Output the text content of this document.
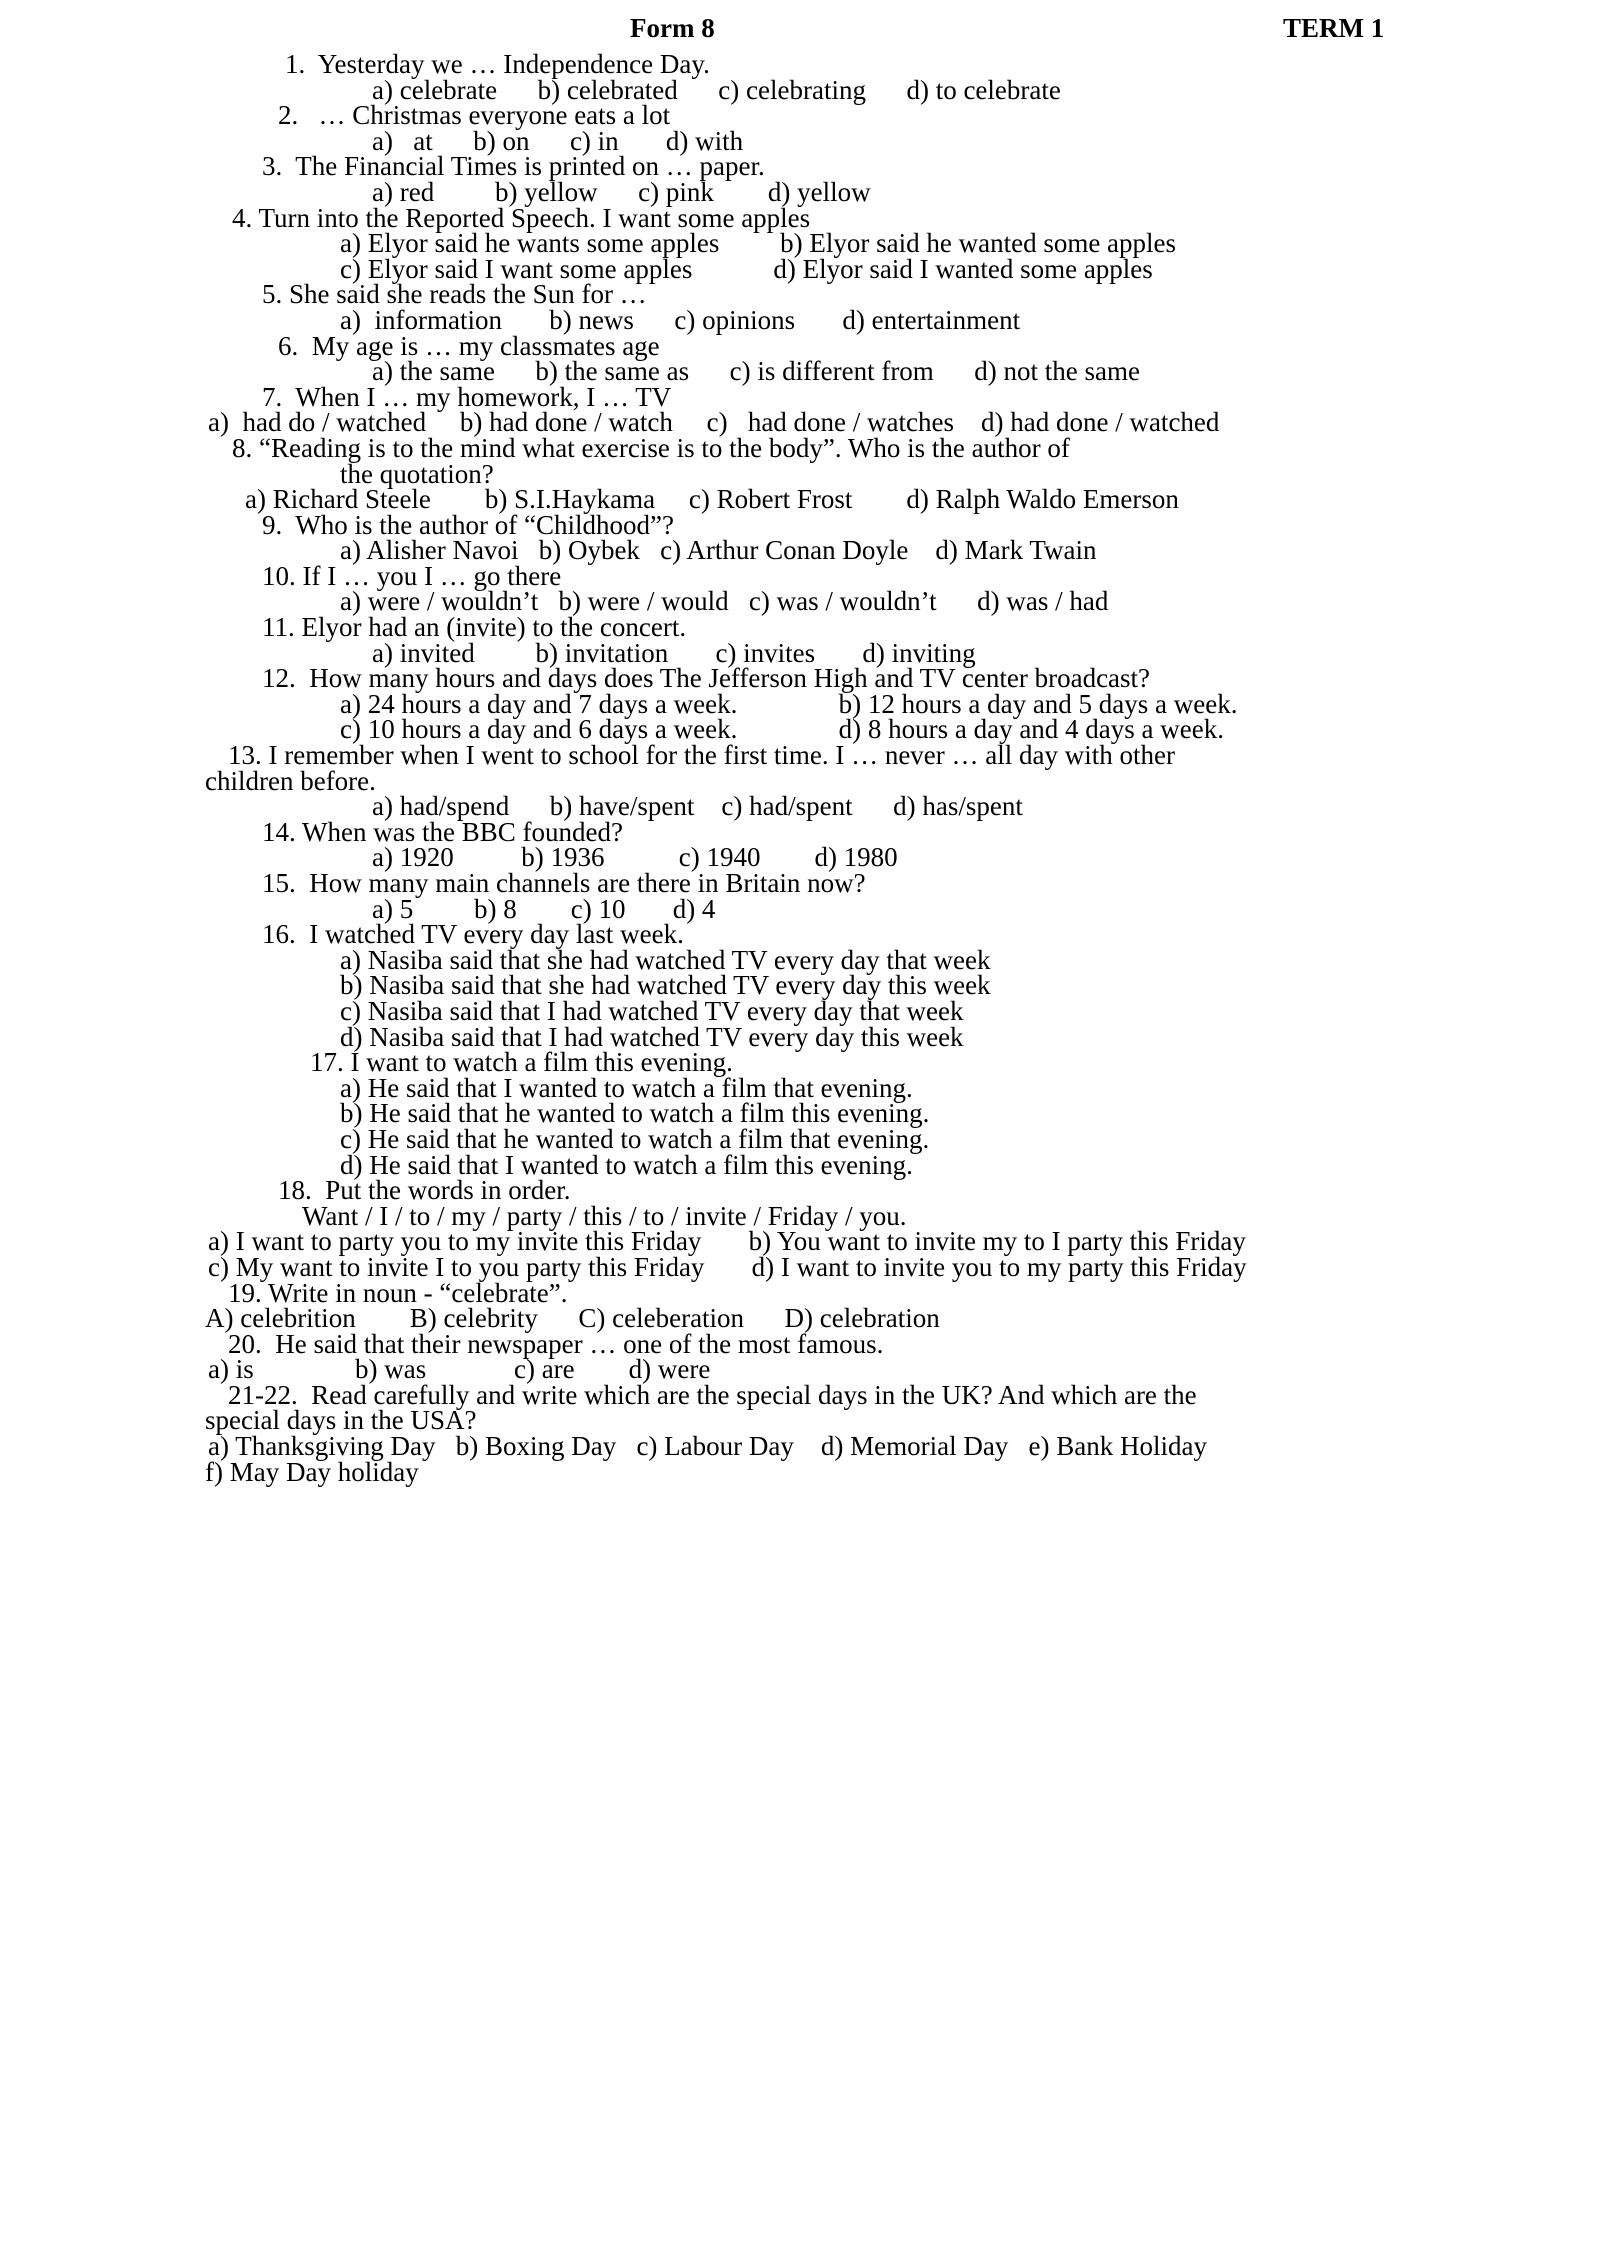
Form 8	TERM 1
1.  Yesterday we … Independence Day.
a) celebrate      b) celebrated      c) celebrating      d) to celebrate
2.   … Christmas everyone eats a lot
a)   at      b) on      c) in       d) with
3.  The Financial Times is printed on … paper.
a) red         b) yellow      c) pink        d) yellow
4. Turn into the Reported Speech. I want some apples
a) Elyor said he wants some apples         b) Elyor said he wanted some apples
c) Elyor said I want some apples            d) Elyor said I wanted some apples
5. She said she reads the Sun for …
a)  information       b) news      c) opinions       d) entertainment
6.  My age is … my classmates age
a) the same      b) the same as      c) is different from      d) not the same
7.  When I … my homework, I … TV
a)  had do / watched     b) had done / watch     c)   had done / watches    d) had done / watched
8. “Reading is to the mind what exercise is to the body”. Who is the author of
the quotation?
a) Richard Steele        b) S.I.Haykama     c) Robert Frost        d) Ralph Waldo Emerson
9.  Who is the author of “Childhood”?
a) Alisher Navoi   b) Oybek   c) Arthur Conan Doyle    d) Mark Twain
10. If I … you I … go there
a) were / wouldn’t   b) were / would   c) was / wouldn’t      d) was / had
11. Elyor had an (invite) to the concert.
a) invited         b) invitation       c) invites       d) inviting
12.  How many hours and days does The Jefferson High and TV center broadcast?
a) 24 hours a day and 7 days a week.               b) 12 hours a day and 5 days a week.
c) 10 hours a day and 6 days a week.               d) 8 hours a day and 4 days a week.
13. I remember when I went to school for the first time. I … never … all day with other
children before.
a) had/spend      b) have/spent    c) had/spent      d) has/spent
14. When was the BBC founded?
a) 1920          b) 1936           c) 1940        d) 1980
15.  How many main channels are there in Britain now?
a) 5         b) 8        c) 10       d) 4
16.  I watched TV every day last week.
a) Nasiba said that she had watched TV every day that week
b) Nasiba said that she had watched TV every day this week
c) Nasiba said that I had watched TV every day that week
d) Nasiba said that I had watched TV every day this week
17. I want to watch a film this evening.
a) He said that I wanted to watch a film that evening.
b) He said that he wanted to watch a film this evening.
c) He said that he wanted to watch a film that evening.
d) He said that I wanted to watch a film this evening.
18.  Put the words in order.
Want / I / to / my / party / this / to / invite / Friday / you.
a) I want to party you to my invite this Friday       b) You want to invite my to I party this Friday
c) My want to invite I to you party this Friday       d) I want to invite you to my party this Friday
19. Write in noun - “celebrate”.
A) celebrition        B) celebrity      C) celeberation      D) celebration
20.  He said that their newspaper … one of the most famous.
a) is               b) was             c) are        d) were
21-22.  Read carefully and write which are the special days in the UK? And which are the
special days in the USA?
a) Thanksgiving Day   b) Boxing Day   c) Labour Day    d) Memorial Day   e) Bank Holiday
f) May Day holiday
